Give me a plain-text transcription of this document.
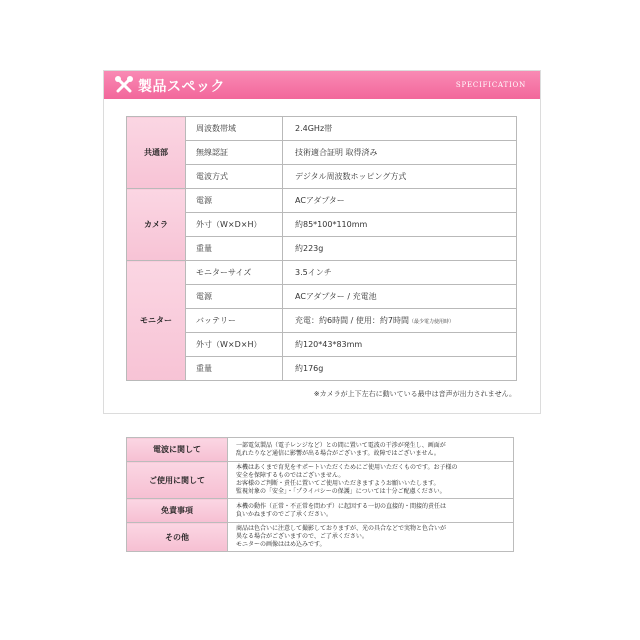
製品スペック	SPECIFICATION
共通部	周波数帯域	2.4GHz帯
	無線認証	技術適合証明 取得済み
	電波方式	デジタル周波数ホッピング方式
カメラ	電源	ACアダプター
	外寸（W×D×H）	約85*100*110mm
	重量	約223g
モニター	モニターサイズ	3.5インチ
	電源	ACアダプター / 充電池
	バッテリー	充電：約6時間 / 使用：約7時間（最少電力使用時）
	外寸（W×D×H）	約120*43*83mm
	重量	約176g
※カメラが上下左右に動いている最中は音声が出力されません。
電波に関して	一部電気製品（電子レンジなど）との間に置いて電波の干渉が発生し、画面が
乱れたりなど通信に影響が出る場合がございます。故障ではございません。

ご使用に関して	本機はあくまで育児をサポートいただくためにご使用いただくものです。お子様の
安全を保障するものではございません。
お客様のご判断・責任に置いてご使用いただきますようお願いいたします。
監視対象の「安全」・「プライバシーの保護」については十分ご配慮ください。

免責事項	本機の動作（正常・不正常を問わず）に起因する一切の直接的・間接的責任は
負いかねますのでご了承ください。

その他	商品は色合いに注意して撮影しておりますが、光の具合などで実物と色合いが
異なる場合がございますので、ご了承ください。
モニターの画像ははめ込みです。
